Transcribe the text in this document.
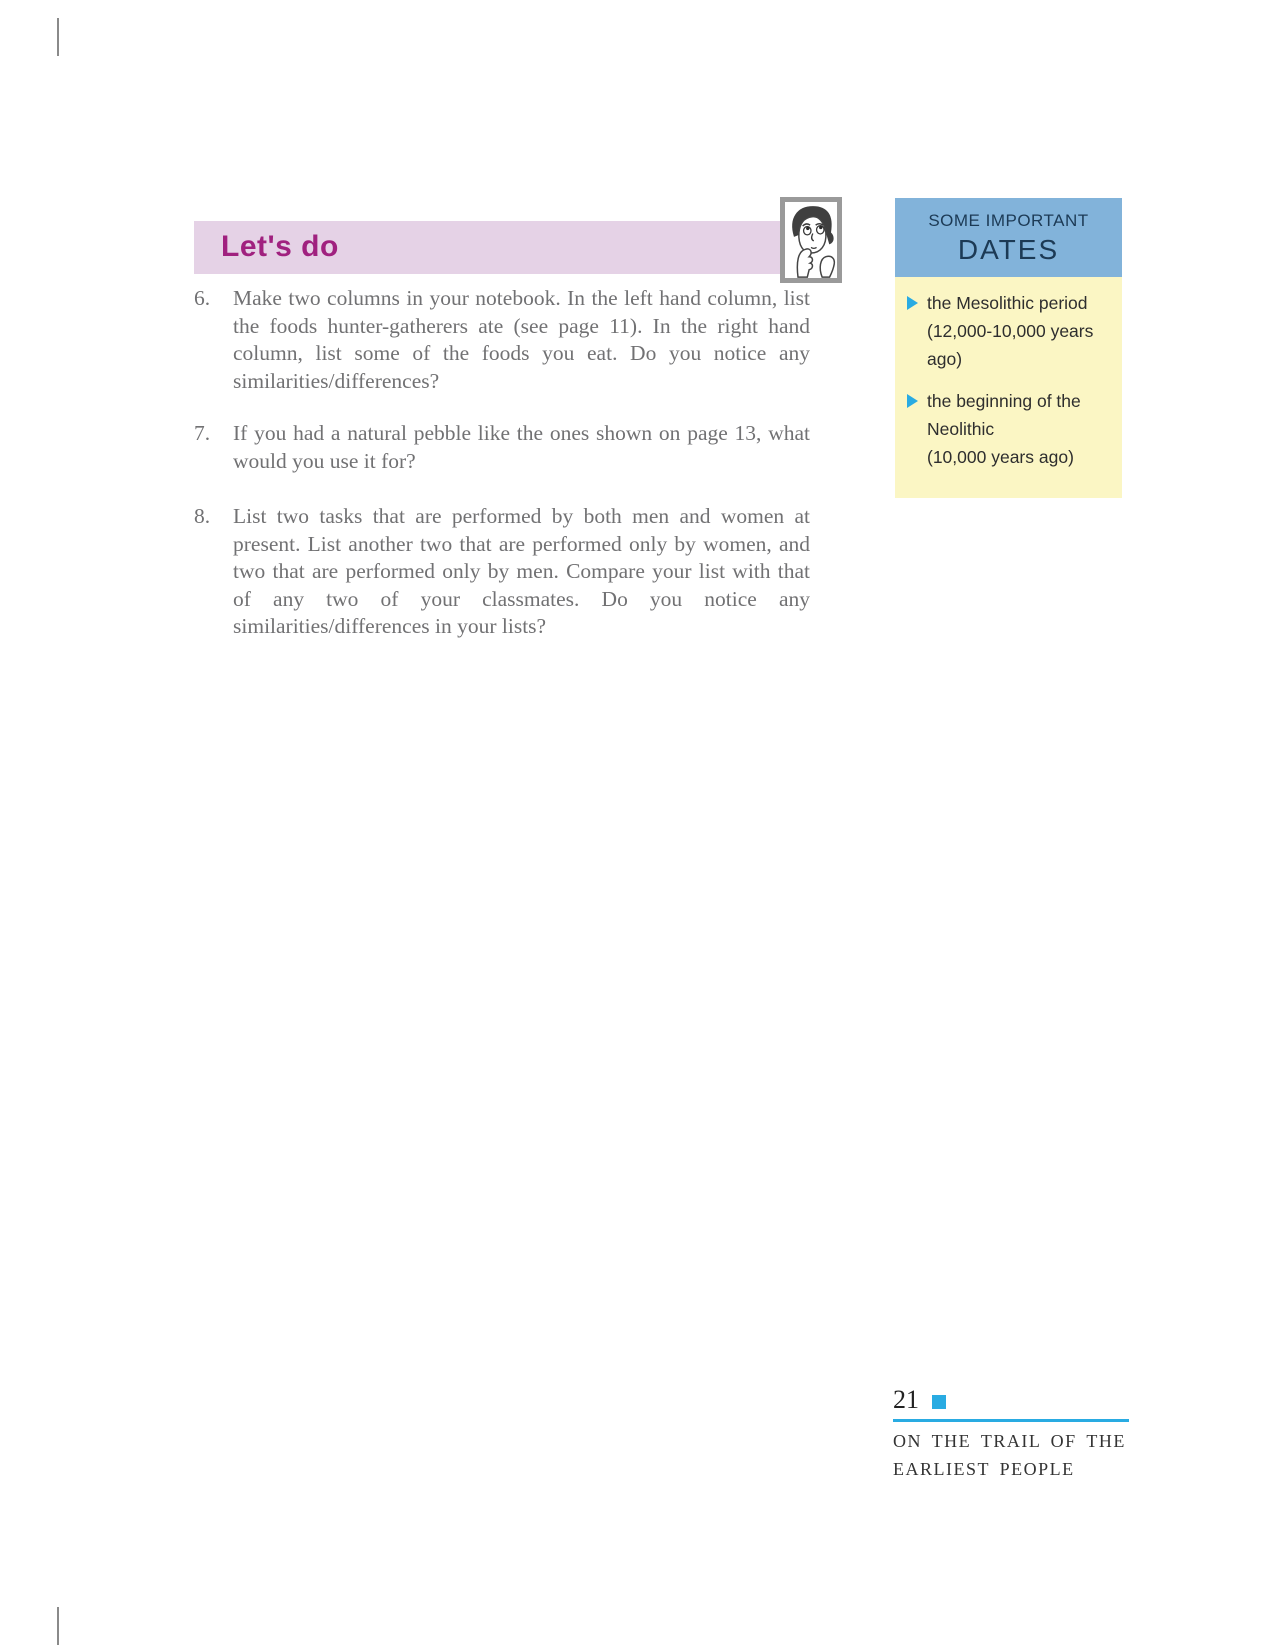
Let's do
SOME IMPORTANT
DATES
the Mesolithic period
(12,000-10,000 years
ago)
the beginning of the
Neolithic
(10,000 years ago)
6.	Make two columns in your notebook. In the left hand column, list the foods hunter-gatherers ate (see page 11). In the right hand column, list some of the foods you eat. Do you notice any similarities/differences?
7.	If you had a natural pebble like the ones shown on page 13, what would you use it for?
8.	List two tasks that are performed by both men and women at present. List another two that are performed only by women, and two that are performed only by men. Compare your list with that of any two of your classmates. Do you notice any similarities/differences in your lists?
21
ON THE TRAIL OF THE
EARLIEST PEOPLE
